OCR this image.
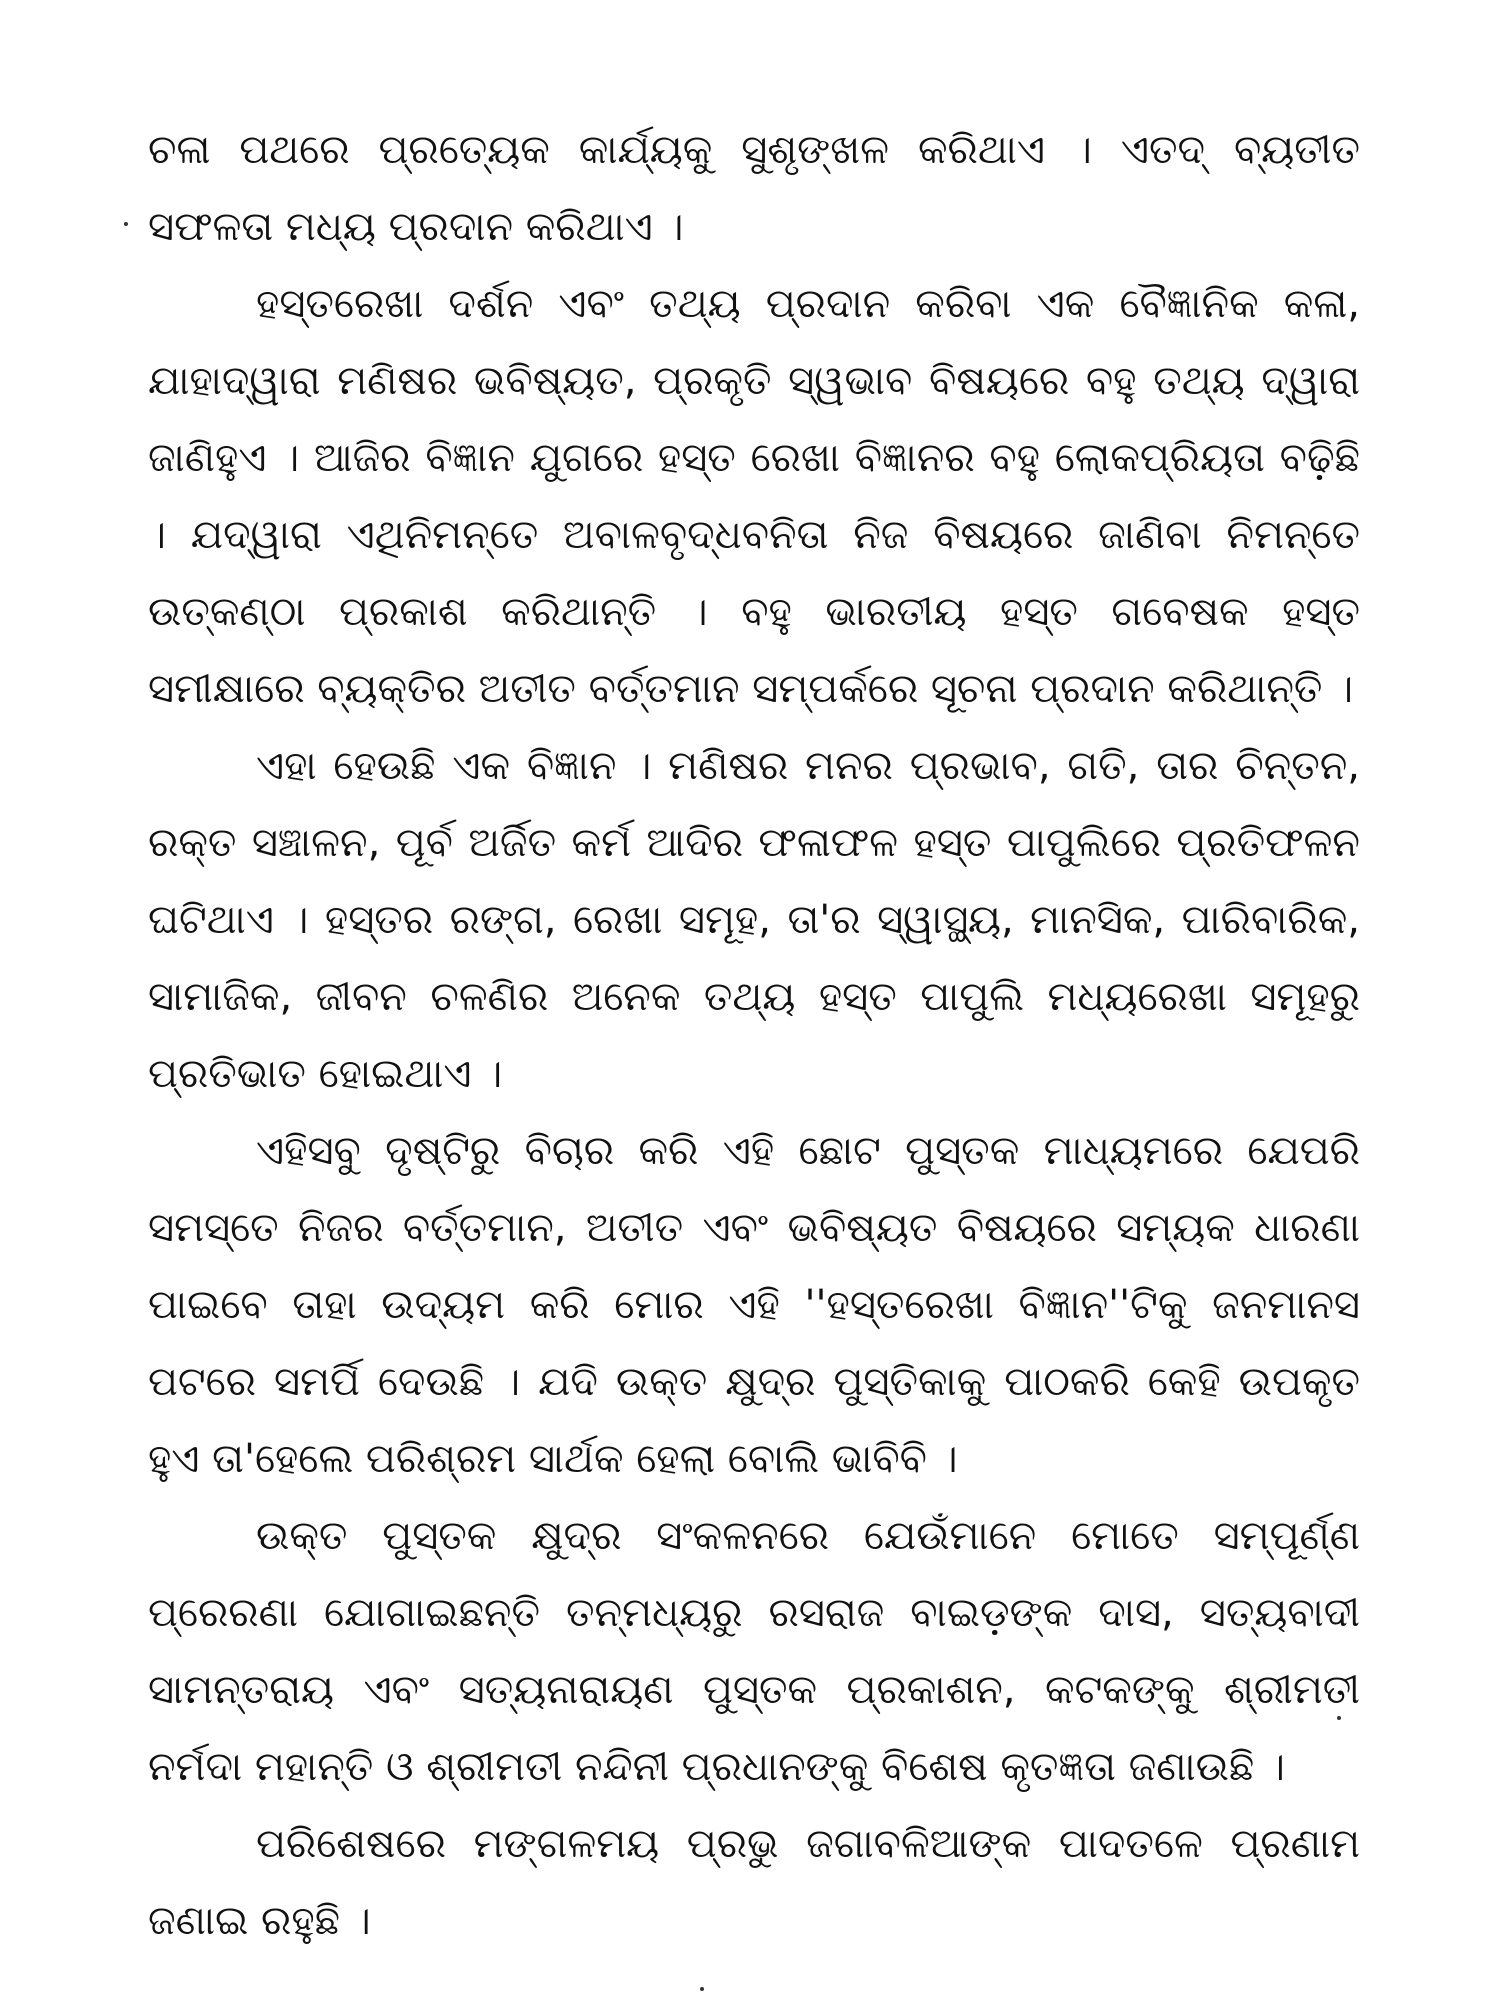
ଚଳା ପଥରେ ପ୍ରତ୍ୟେକ କାର୍ଯ୍ୟକୁ ସୁଶୃଙ୍ଖଳ କରିଥାଏ । ଏତଦ୍ ବ୍ୟତୀତ ସଫଳତା ମଧ୍ୟ ପ୍ରଦାନ କରିଥାଏ ।

ହସ୍ତରେଖା ଦର୍ଶନ ଏବଂ ତଥ୍ୟ ପ୍ରଦାନ କରିବା ଏକ ବୈଜ୍ଞାନିକ କଳା, ଯାହାଦ୍ୱାରା ମଣିଷର ଭବିଷ୍ୟତ, ପ୍ରକୃତି ସ୍ୱଭାବ ବିଷୟରେ ବହୁ ତଥ୍ୟ ଦ୍ୱାରା ଜାଣିହୁଏ । ଆଜିର ବିଜ୍ଞାନ ଯୁଗରେ ହସ୍ତ ରେଖା ବିଜ୍ଞାନର ବହୁ ଲୋକପ୍ରିୟତା ବଢ଼ିଛି । ଯଦ୍ୱାରା ଏଥିନିମନ୍ତେ ଅବାଳବୃଦ୍ଧବନିତା ନିଜ ବିଷୟରେ ଜାଣିବା ନିମନ୍ତେ ଉତ୍କଣ୍ଠା ପ୍ରକାଶ କରିଥାନ୍ତି । ବହୁ ଭାରତୀୟ ହସ୍ତ ଗବେଷକ ହସ୍ତ ସମୀକ୍ଷାରେ ବ୍ୟକ୍ତିର ଅତୀତ ବର୍ତ୍ତମାନ ସମ୍ପର୍କରେ ସୂଚନା ପ୍ରଦାନ କରିଥାନ୍ତି ।

ଏହା ହେଉଛି ଏକ ବିଜ୍ଞାନ । ମଣିଷର ମନର ପ୍ରଭାବ, ଗତି, ତାର ଚିନ୍ତନ, ରକ୍ତ ସଞ୍ଚାଳନ, ପୂର୍ବ ଅର୍ଜିତ କର୍ମ ଆଦିର ଫଳାଫଳ ହସ୍ତ ପାପୁଲିରେ ପ୍ରତିଫଳନ ଘଟିଥାଏ । ହସ୍ତର ରଙ୍ଗ, ରେଖା ସମୂହ, ତା'ର ସ୍ୱାସ୍ଥ୍ୟ, ମାନସିକ, ପାରିବାରିକ, ସାମାଜିକ, ଜୀବନ ଚଳଣିର ଅନେକ ତଥ୍ୟ ହସ୍ତ ପାପୁଲି ମଧ୍ୟରେଖା ସମୂହରୁ ପ୍ରତିଭାତ ହୋଇଥାଏ ।

ଏହିସବୁ ଦୃଷ୍ଟିରୁ ବିଚାର କରି ଏହି ଛୋଟ ପୁସ୍ତକ ମାଧ୍ୟମରେ ଯେପରି ସମସ୍ତେ ନିଜର ବର୍ତ୍ତମାନ, ଅତୀତ ଏବଂ ଭବିଷ୍ୟତ ବିଷୟରେ ସମ୍ୟକ ଧାରଣା ପାଇବେ ତାହା ଉଦ୍ୟମ କରି ମୋର ଏହି ''ହସ୍ତରେଖା ବିଜ୍ଞାନ''ଟିକୁ ଜନମାନସ ପଟରେ ସମର୍ପି ଦେଉଛି । ଯଦି ଉକ୍ତ କ୍ଷୁଦ୍ର ପୁସ୍ତିକାକୁ ପାଠକରି କେହି ଉପକୃତ ହୁଏ ତା'ହେଲେ ପରିଶ୍ରମ ସାର୍ଥକ ହେଲା ବୋଲି ଭାବିବି ।

ଉକ୍ତ ପୁସ୍ତକ କ୍ଷୁଦ୍ର ସଂକଳନରେ ଯେଉଁମାନେ ମୋତେ ସମ୍ପୂର୍ଣ୍ଣ ପ୍ରେରଣା ଯୋଗାଇଛନ୍ତି ତନ୍ମଧ୍ୟରୁ ରସରାଜ ବାଇଡ଼ଙ୍କ ଦାସ, ସତ୍ୟବାଦୀ ସାମନ୍ତରାୟ ଏବଂ ସତ୍ୟନାରାୟଣ ପୁସ୍ତକ ପ୍ରକାଶନ, କଟକଙ୍କୁ ଶ୍ରୀମତୀ ନର୍ମଦା ମହାନ୍ତି ଓ ଶ୍ରୀମତୀ ନନ୍ଦିନୀ ପ୍ରଧାନଙ୍କୁ ବିଶେଷ କୃତଜ୍ଞତା ଜଣାଉଛି ।

ପରିଶେଷରେ ମଙ୍ଗଳମୟ ପ୍ରଭୁ ଜଗାବଳିଆଙ୍କ ପାଦତଳେ ପ୍ରଣାମ ଜଣାଇ ରହୁଛି ।
